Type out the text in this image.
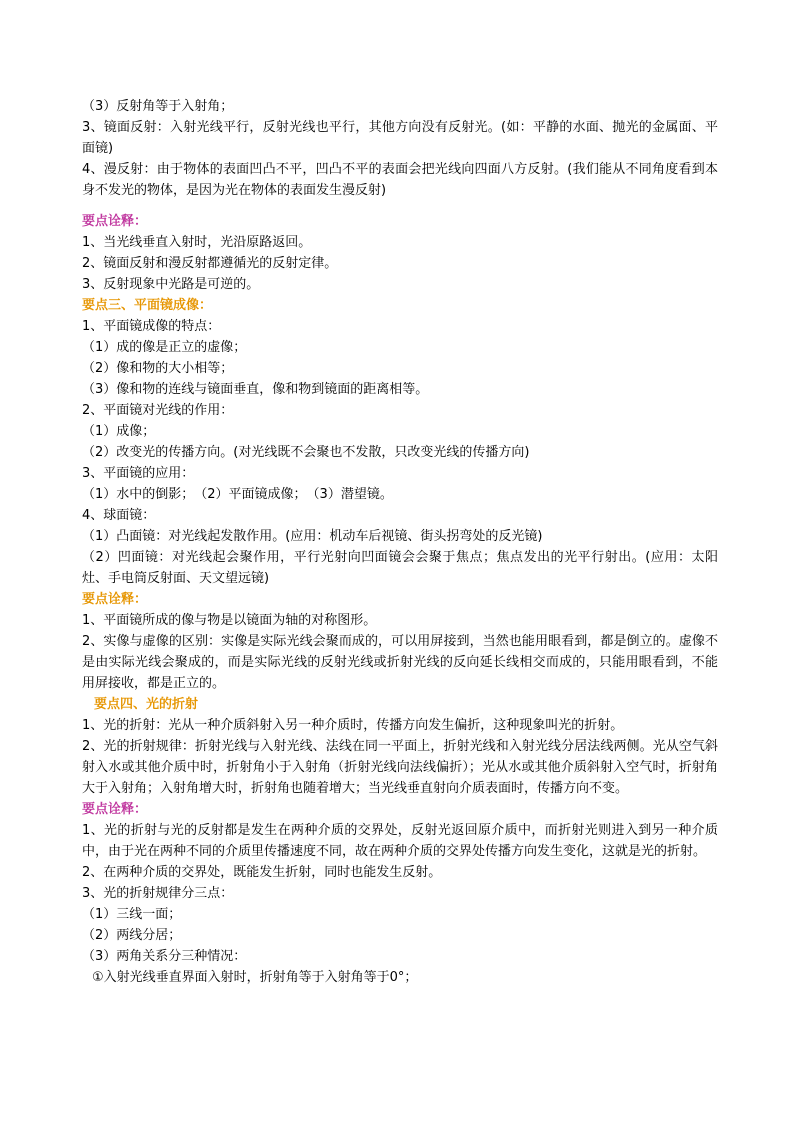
（3）反射角等于入射角；
3、镜面反射：入射光线平行，反射光线也平行，其他方向没有反射光。(如：平静的水面、抛光的金属面、平面镜)
4、漫反射：由于物体的表面凹凸不平，凹凸不平的表面会把光线向四面八方反射。(我们能从不同角度看到本身不发光的物体，是因为光在物体的表面发生漫反射)
要点诠释：
1、当光线垂直入射时，光沿原路返回。
2、镜面反射和漫反射都遵循光的反射定律。
3、反射现象中光路是可逆的。
要点三、平面镜成像：
1、平面镜成像的特点：
（1）成的像是正立的虚像；
（2）像和物的大小相等；
（3）像和物的连线与镜面垂直，像和物到镜面的距离相等。
2、平面镜对光线的作用：
（1）成像；
（2）改变光的传播方向。(对光线既不会聚也不发散，只改变光线的传播方向)
3、平面镜的应用：
（1）水中的倒影；　（2）平面镜成像；　（3）潜望镜。
4、球面镜：
（1）凸面镜：对光线起发散作用。(应用：机动车后视镜、街头拐弯处的反光镜)
（2）凹面镜：对光线起会聚作用，平行光射向凹面镜会会聚于焦点；焦点发出的光平行射出。(应用：太阳灶、手电筒反射面、天文望远镜)
要点诠释：
1、平面镜所成的像与物是以镜面为轴的对称图形。
2、实像与虚像的区别：实像是实际光线会聚而成的，可以用屏接到，当然也能用眼看到，都是倒立的。虚像不是由实际光线会聚成的，而是实际光线的反射光线或折射光线的反向延长线相交而成的，只能用眼看到，不能用屏接收，都是正立的。
要点四、光的折射
1、光的折射：光从一种介质斜射入另一种介质时，传播方向发生偏折，这种现象叫光的折射。
2、光的折射规律：折射光线与入射光线、法线在同一平面上，折射光线和入射光线分居法线两侧。光从空气斜射入水或其他介质中时，折射角小于入射角（折射光线向法线偏折）；光从水或其他介质斜射入空气时，折射角大于入射角；入射角增大时，折射角也随着增大；当光线垂直射向介质表面时，传播方向不变。
要点诠释：
1、光的折射与光的反射都是发生在两种介质的交界处，反射光返回原介质中，而折射光则进入到另一种介质中，由于光在两种不同的介质里传播速度不同，故在两种介质的交界处传播方向发生变化，这就是光的折射。
2、在两种介质的交界处，既能发生折射，同时也能发生反射。
3、光的折射规律分三点：
（1）三线一面；
（2）两线分居；
（3）两角关系分三种情况：
①入射光线垂直界面入射时，折射角等于入射角等于0°；
